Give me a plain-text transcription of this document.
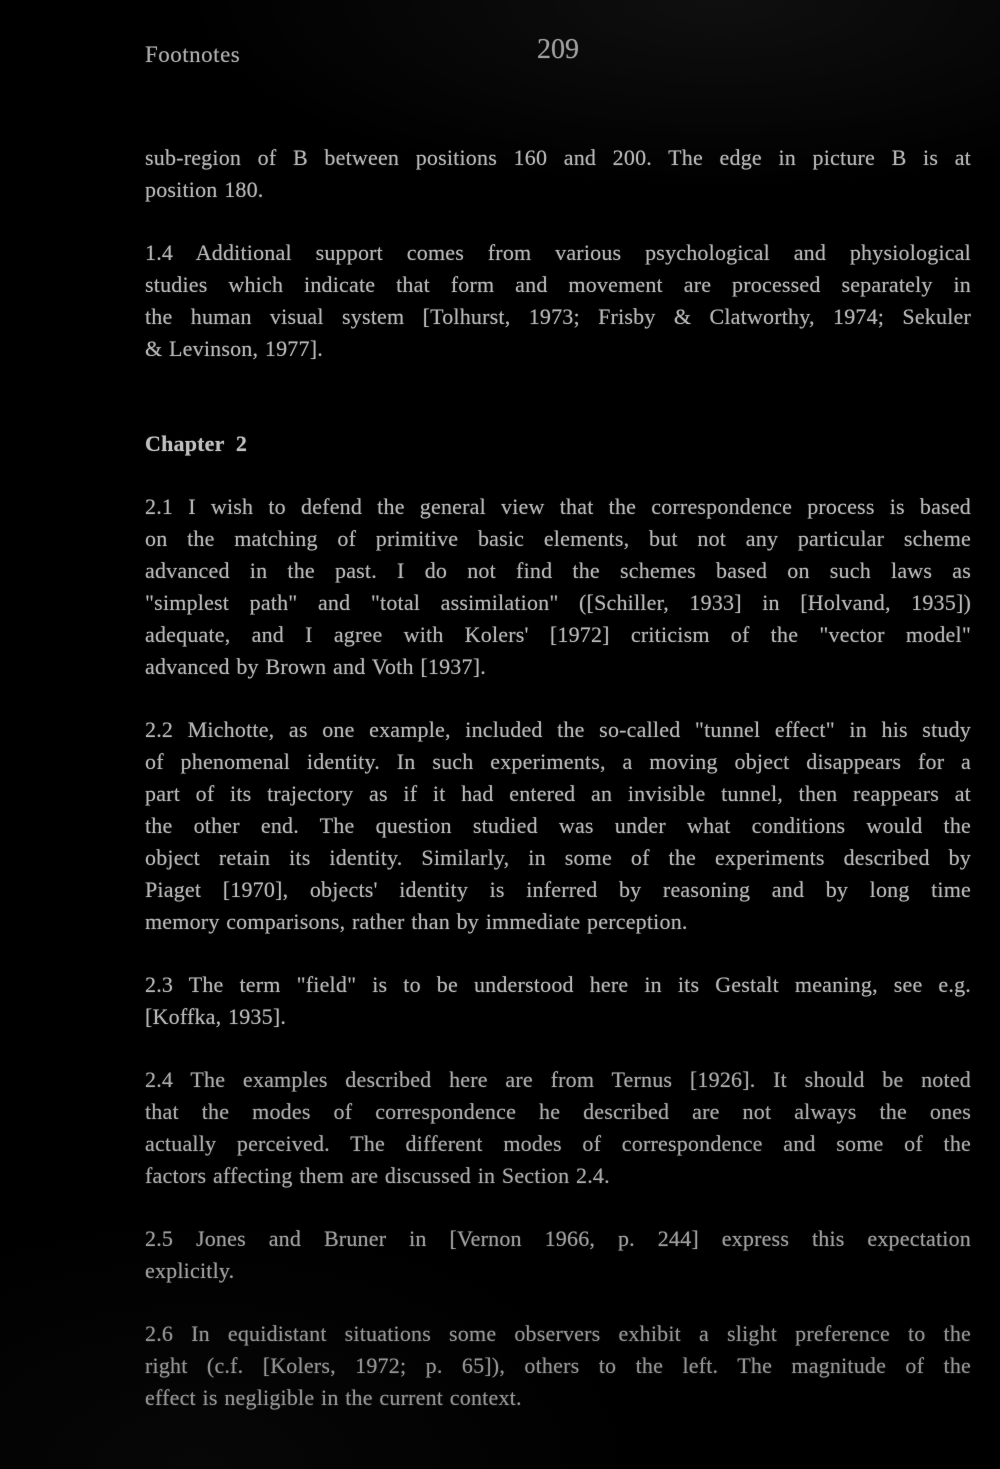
Footnotes	209
sub-region of B between positions 160 and 200. The edge in picture B is at
position 180.
1.4 Additional support comes from various psychological and physiological
studies which indicate that form and movement are processed separately in
the human visual system [Tolhurst, 1973; Frisby & Clatworthy, 1974; Sekuler
& Levinson, 1977].
Chapter 2
2.1 I wish to defend the general view that the correspondence process is based
on the matching of primitive basic elements, but not any particular scheme
advanced in the past. I do not find the schemes based on such laws as
"simplest path" and "total assimilation" ([Schiller, 1933] in [Holvand, 1935])
adequate, and I agree with Kolers' [1972] criticism of the "vector model"
advanced by Brown and Voth [1937].
2.2 Michotte, as one example, included the so-called "tunnel effect" in his study
of phenomenal identity. In such experiments, a moving object disappears for a
part of its trajectory as if it had entered an invisible tunnel, then reappears at
the other end. The question studied was under what conditions would the
object retain its identity. Similarly, in some of the experiments described by
Piaget [1970], objects' identity is inferred by reasoning and by long time
memory comparisons, rather than by immediate perception.
2.3 The term "field" is to be understood here in its Gestalt meaning, see e.g.
[Koffka, 1935].
2.4 The examples described here are from Ternus [1926]. It should be noted
that the modes of correspondence he described are not always the ones
actually perceived. The different modes of correspondence and some of the
factors affecting them are discussed in Section 2.4.
2.5 Jones and Bruner in [Vernon 1966, p. 244] express this expectation
explicitly.
2.6 In equidistant situations some observers exhibit a slight preference to the
right (c.f. [Kolers, 1972; p. 65]), others to the left. The magnitude of the
effect is negligible in the current context.
